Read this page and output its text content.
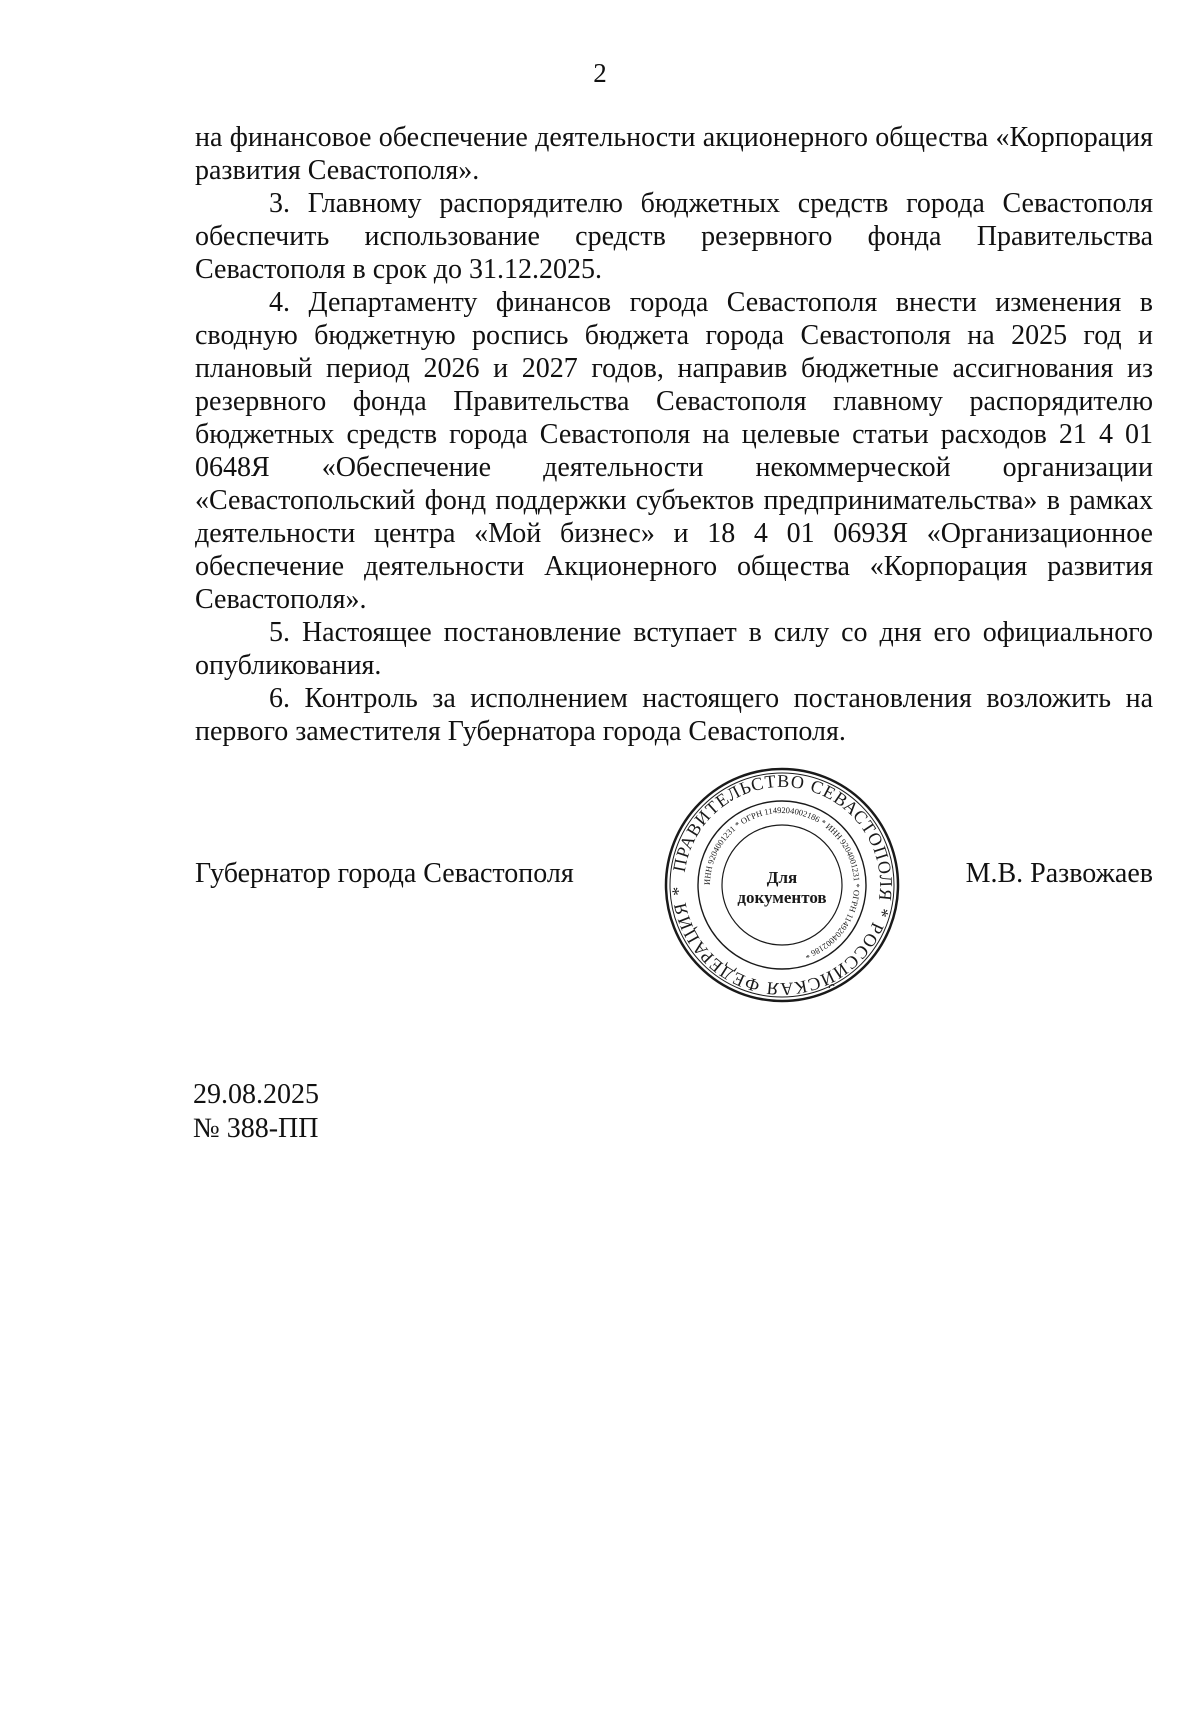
2

на финансовое обеспечение деятельности акционерного общества «Корпорация развития Севастополя».

3. Главному распорядителю бюджетных средств города Севастополя обеспечить использование средств резервного фонда Правительства Севастополя в срок до 31.12.2025.

4. Департаменту финансов города Севастополя внести изменения в сводную бюджетную роспись бюджета города Севастополя на 2025 год и плановый период 2026 и 2027 годов, направив бюджетные ассигнования из резервного фонда Правительства Севастополя главному распорядителю бюджетных средств города Севастополя на целевые статьи расходов 21 4 01 0648Я «Обеспечение деятельности некоммерческой организации «Севастопольский фонд поддержки субъектов предпринимательства» в рамках деятельности центра «Мой бизнес» и 18 4 01 0693Я «Организационное обеспечение деятельности Акционерного общества «Корпорация развития Севастополя».

5. Настоящее постановление вступает в силу со дня его официального опубликования.

6. Контроль за исполнением настоящего постановления возложить на первого заместителя Губернатора города Севастополя.

Губернатор города Севастополя	М.В. Развожаев
ПРАВИТЕЛЬСТВО СЕВАСТОПОЛЯ * РОССИЙСКАЯ ФЕДЕРАЦИЯ *
ИНН 9204001231 * ОГРН 1149204002186 * ИНН 9204001231 * ОГРН 1149204002186 *
Для
документов
29.08.2025
№ 388-ПП
